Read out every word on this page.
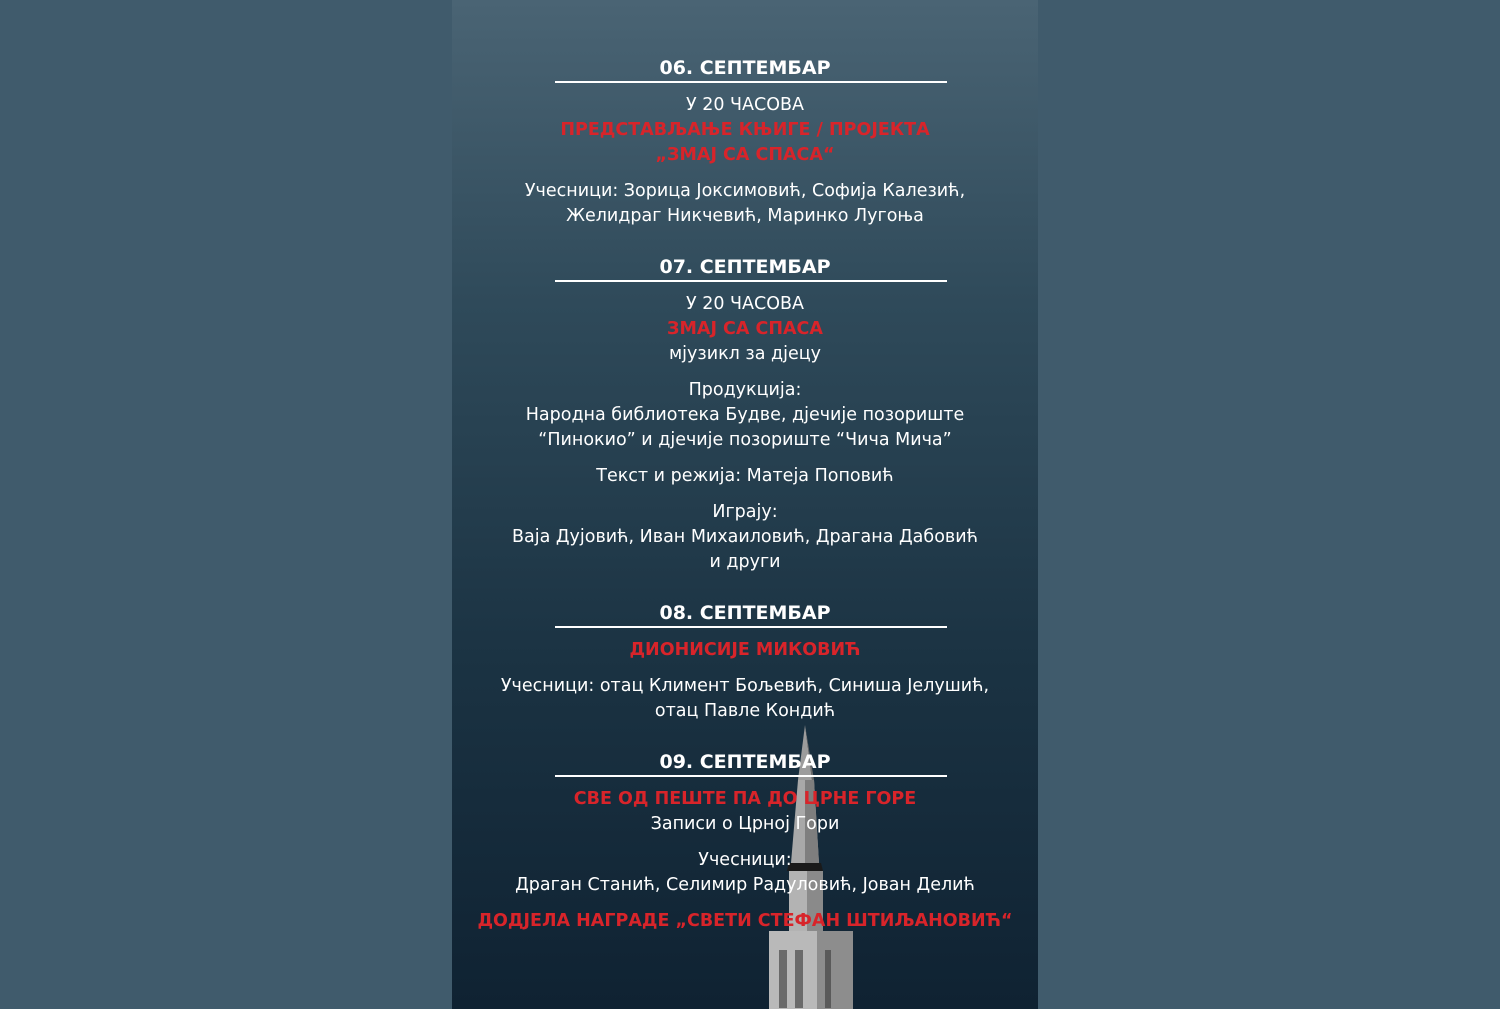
06. СЕПТЕМБАР
У 20 ЧАСОВА
ПРЕДСТАВЉАЊЕ КЊИГЕ / ПРОЈЕКТА
„ЗМАЈ СА СПАСА“
Учесници: Зорица Јоксимовић, Софија Калезић,
Желидраг Никчевић, Маринко Лугоња
07. СЕПТЕМБАР
У 20 ЧАСОВА
ЗМАЈ СА СПАСА
мјузикл за дјецу
Продукција:
Народна библиотека Будве, дјечије позориште
“Пинокио” и дјечије позориште “Чича Мича”
Текст и режија: Матеја Поповић
Играју:
Ваја Дујовић, Иван Михаиловић, Драгана Дабовић
и други
08. СЕПТЕМБАР
ДИОНИСИЈЕ МИКОВИЋ
Учесници: отац Климент Бољевић, Синиша Јелушић,
отац Павле Кондић
09. СЕПТЕМБАР
СВЕ ОД ПЕШТЕ ПА ДО ЦРНЕ ГОРЕ
Записи о Црној Гори
Учесници:
Драган Станић, Селимир Радуловић, Јован Делић
ДОДЈЕЛА НАГРАДЕ „СВЕТИ СТЕФАН ШТИЉАНОВИЋ“
